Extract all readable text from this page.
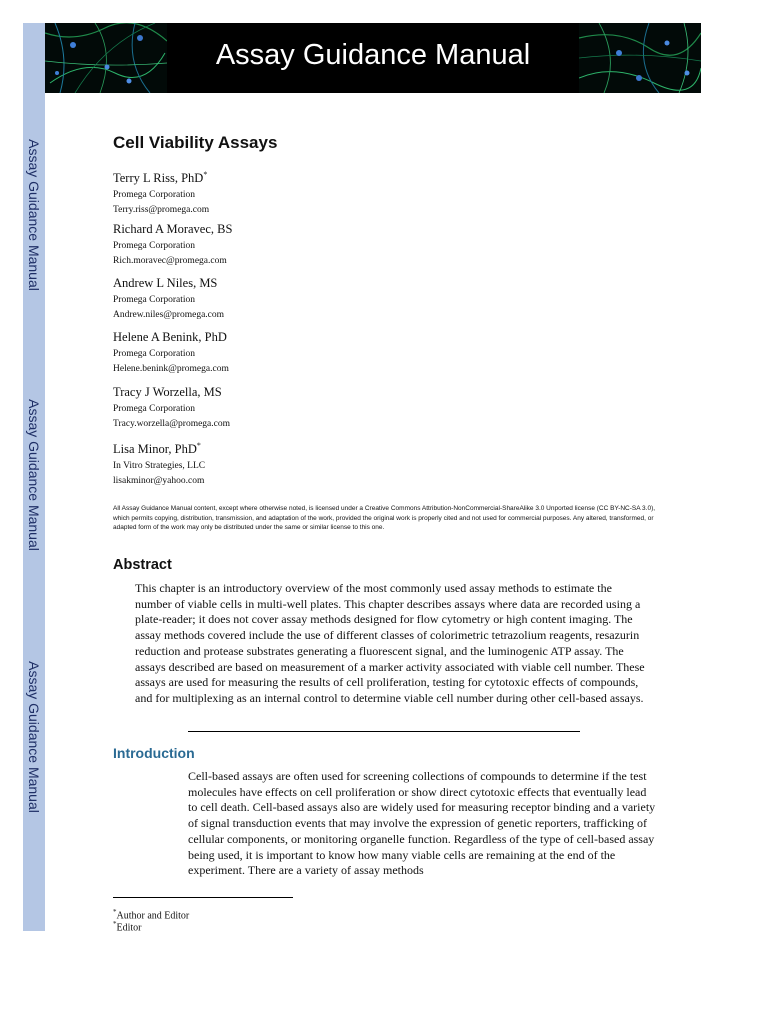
Assay Guidance Manual
Assay Guidance Manual
Assay Guidance Manual
Assay Guidance Manual
Cell Viability Assays
Terry L Riss, PhD*
Promega Corporation
Terry.riss@promega.com
Richard A Moravec, BS
Promega Corporation
Rich.moravec@promega.com
Andrew L Niles, MS
Promega Corporation
Andrew.niles@promega.com
Helene A Benink, PhD
Promega Corporation
Helene.benink@promega.com
Tracy J Worzella, MS
Promega Corporation
Tracy.worzella@promega.com
Lisa Minor, PhD*
In Vitro Strategies, LLC
lisakminor@yahoo.com
All Assay Guidance Manual content, except where otherwise noted, is licensed under a Creative Commons Attribution-NonCommercial-ShareAlike 3.0 Unported license (CC BY-NC-SA 3.0), which permits copying, distribution, transmission, and adaptation of the work, provided the original work is properly cited and not used for commercial purposes. Any altered, transformed, or adapted form of the work may only be distributed under the same or similar license to this one.
Abstract
This chapter is an introductory overview of the most commonly used assay methods to estimate the number of viable cells in multi-well plates. This chapter describes assays where data are recorded using a plate-reader; it does not cover assay methods designed for flow cytometry or high content imaging. The assay methods covered include the use of different classes of colorimetric tetrazolium reagents, resazurin reduction and protease substrates generating a fluorescent signal, and the luminogenic ATP assay. The assays described are based on measurement of a marker activity associated with viable cell number. These assays are used for measuring the results of cell proliferation, testing for cytotoxic effects of compounds, and for multiplexing as an internal control to determine viable cell number during other cell-based assays.
Introduction
Cell-based assays are often used for screening collections of compounds to determine if the test molecules have effects on cell proliferation or show direct cytotoxic effects that eventually lead to cell death. Cell-based assays also are widely used for measuring receptor binding and a variety of signal transduction events that may involve the expression of genetic reporters, trafficking of cellular components, or monitoring organelle function. Regardless of the type of cell-based assay being used, it is important to know how many viable cells are remaining at the end of the experiment. There are a variety of assay methods
*Author and Editor
*Editor
